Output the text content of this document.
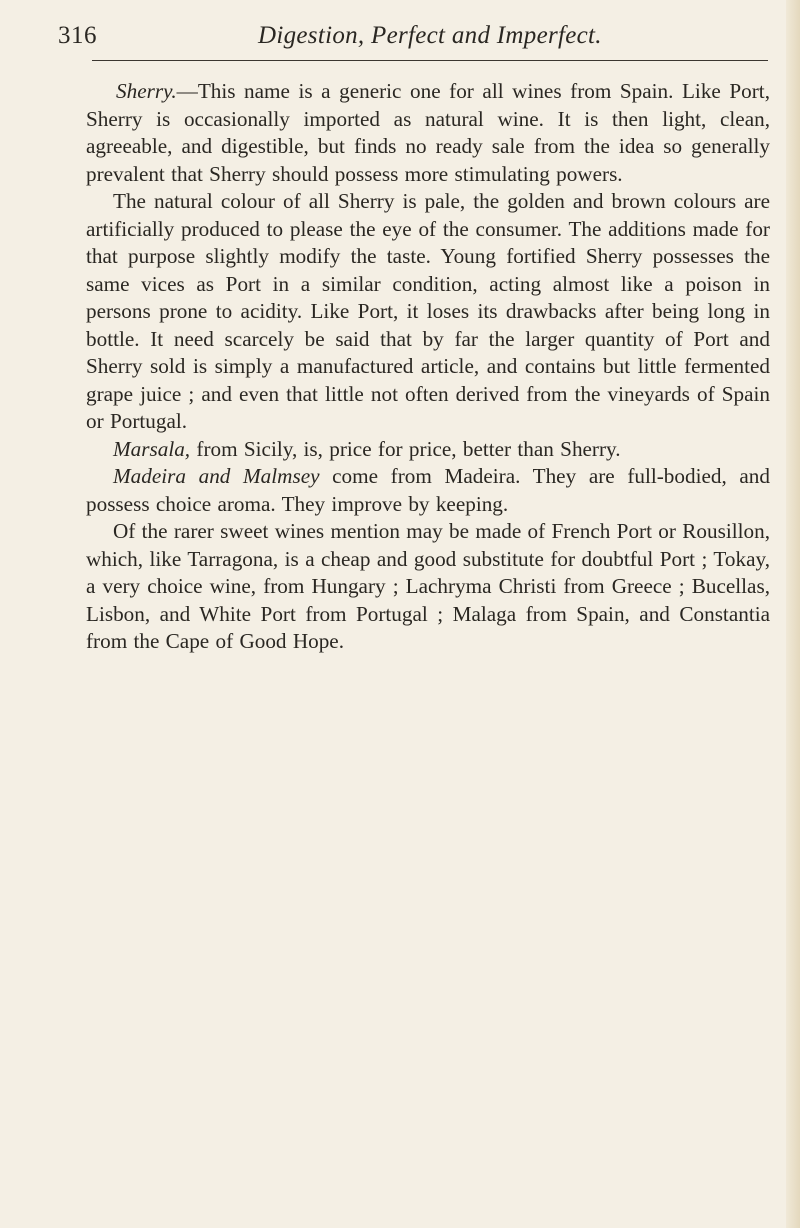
316	Digestion, Perfect and Imperfect.

Sherry.—This name is a generic one for all wines from Spain. Like Port, Sherry is occasionally imported as natural wine. It is then light, clean, agreeable, and digestible, but finds no ready sale from the idea so generally prevalent that Sherry should possess more stimulating powers.

The natural colour of all Sherry is pale, the golden and brown colours are artificially produced to please the eye of the consumer. The additions made for that purpose slightly modify the taste. Young fortified Sherry possesses the same vices as Port in a similar condition, acting almost like a poison in persons prone to acidity. Like Port, it loses its drawbacks after being long in bottle. It need scarcely be said that by far the larger quantity of Port and Sherry sold is simply a manufactured article, and contains but little fermented grape juice ; and even that little not often derived from the vineyards of Spain or Portugal.

Marsala, from Sicily, is, price for price, better than Sherry.

Madeira and Malmsey come from Madeira. They are full-bodied, and possess choice aroma. They improve by keeping.

Of the rarer sweet wines mention may be made of French Port or Rousillon, which, like Tarragona, is a cheap and good substitute for doubtful Port ; Tokay, a very choice wine, from Hungary ; Lachryma Christi from Greece ; Bucellas, Lisbon, and White Port from Portugal ; Malaga from Spain, and Constantia from the Cape of Good Hope.
